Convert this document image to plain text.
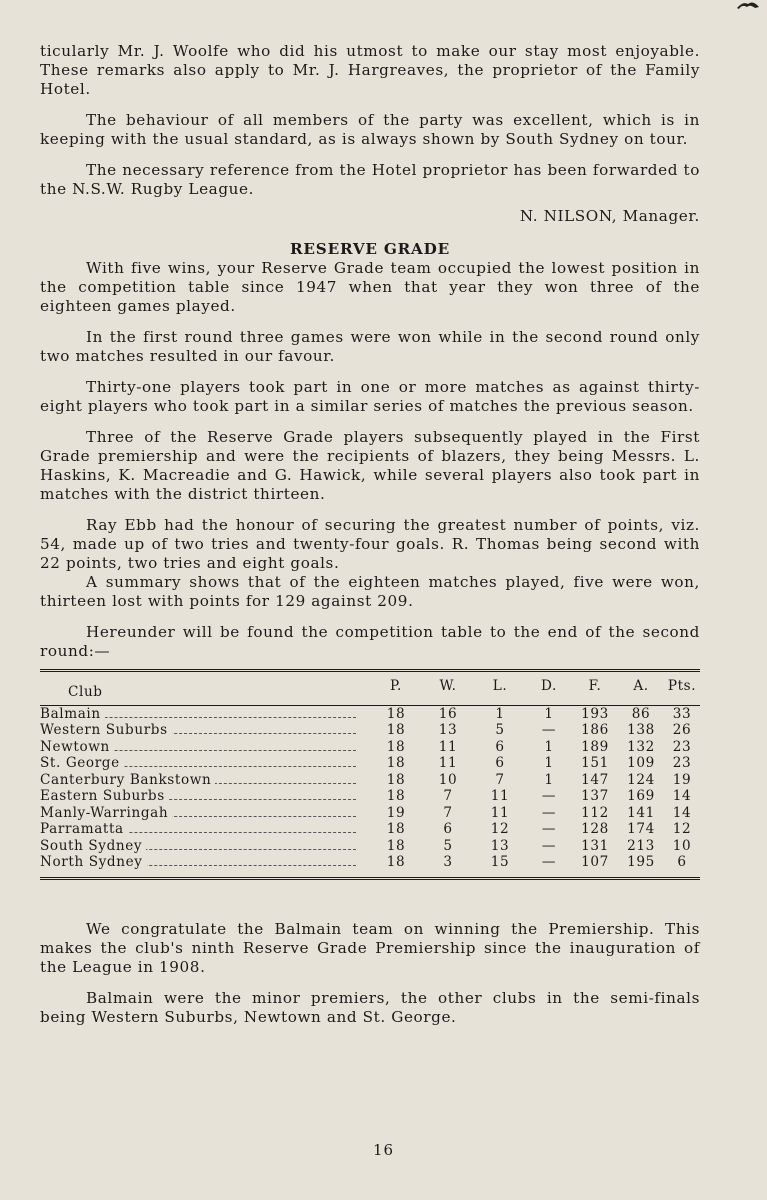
ticularly Mr. J. Woolfe who did his utmost to make our stay most enjoyable. These remarks also apply to Mr. J. Hargreaves, the proprietor of the Family Hotel.

The behaviour of all members of the party was excellent, which is in keeping with the usual standard, as is always shown by South Sydney on tour.

The necessary reference from the Hotel proprietor has been forwarded to the N.S.W. Rugby League.

N. NILSON, Manager.

RESERVE GRADE

With five wins, your Reserve Grade team occupied the lowest position in the competition table since 1947 when that year they won three of the eighteen games played.

In the first round three games were won while in the second round only two matches resulted in our favour.

Thirty-one players took part in one or more matches as against thirty-eight players who took part in a similar series of matches the previous season.

Three of the Reserve Grade players subsequently played in the First Grade premiership and were the recipients of blazers, they being Messrs. L. Haskins, K. Macreadie and G. Hawick, while several players also took part in matches with the district thirteen.

Ray Ebb had the honour of securing the greatest number of points, viz. 54, made up of two tries and twenty-four goals. R. Thomas being second with 22 points, two tries and eight goals.

A summary shows that of the eighteen matches played, five were won, thirteen lost with points for 129 against 209.

Hereunder will be found the competition table to the end of the second round:—

Club	P.	W.	L.	D.	F.	A.	Pts.

Balmain	18	16	1	1	193	86	33

Western Suburbs	18	13	5	—	186	138	26

Newtown	18	11	6	1	189	132	23

St. George	18	11	6	1	151	109	23

Canterbury Bankstown	18	10	7	1	147	124	19

Eastern Suburbs	18	7	11	—	137	169	14

Manly-Warringah	19	7	11	—	112	141	14

Parramatta	18	6	12	—	128	174	12

South Sydney	18	5	13	—	131	213	10

North Sydney	18	3	15	—	107	195	6

We congratulate the Balmain team on winning the Premiership. This makes the club's ninth Reserve Grade Premiership since the inauguration of the League in 1908.

Balmain were the minor premiers, the other clubs in the semi-finals being Western Suburbs, Newtown and St. George.

16
